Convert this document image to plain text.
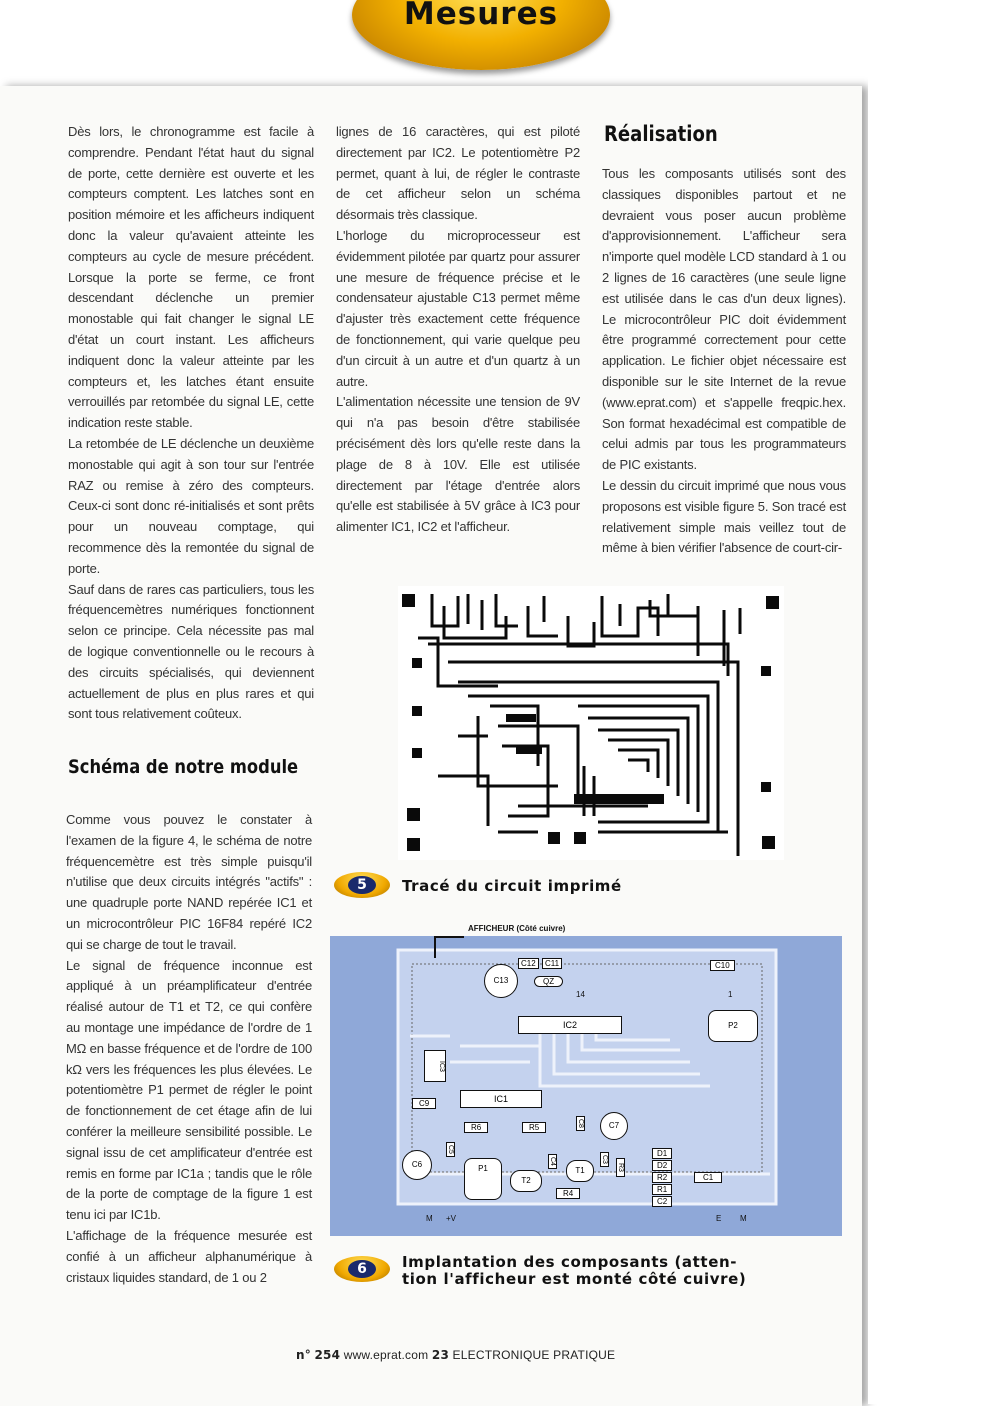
Mesures

Dès lors, le chronogramme est facile à comprendre. Pendant l'état haut du signal de porte, cette dernière est ouverte et les compteurs comptent. Les latches sont en position mémoire et les afficheurs indiquent donc la valeur qu'avaient atteinte les compteurs au cycle de mesure précédent. Lorsque la porte se ferme, ce front descendant déclenche un premier monostable qui fait changer le signal LE d'état un court instant. Les afficheurs indiquent donc la valeur atteinte par les compteurs et, les latches étant ensuite verrouillés par retombée du signal LE, cette indication reste stable.

La retombée de LE déclenche un deuxième monostable qui agit à son tour sur l'entrée RAZ ou remise à zéro des compteurs. Ceux-ci sont donc ré-initialisés et sont prêts pour un nouveau comptage, qui recommence dès la remontée du signal de porte.

Sauf dans de rares cas particuliers, tous les fréquencemètres numériques fonctionnent selon ce principe. Cela nécessite pas mal de logique conventionnelle ou le recours à des circuits spécialisés, qui deviennent actuellement de plus en plus rares et qui sont tous relativement coûteux.

Schéma de notre module

Comme vous pouvez le constater à l'examen de la figure 4, le schéma de notre fréquencemètre est très simple puisqu'il n'utilise que deux circuits intégrés "actifs" : une quadruple porte NAND repérée IC1 et un microcontrôleur PIC 16F84 repéré IC2 qui se charge de tout le travail.

Le signal de fréquence inconnue est appliqué à un préamplificateur d'entrée réalisé autour de T1 et T2, ce qui confère au montage une impédance de l'ordre de 1 MΩ en basse fréquence et de l'ordre de 100 kΩ vers les fréquences les plus élevées. Le potentiomètre P1 permet de régler le point de fonctionnement de cet étage afin de lui conférer la meilleure sensibilité possible. Le signal issu de cet amplificateur d'entrée est remis en forme par IC1a ; tandis que le rôle de la porte de comptage de la figure 1 est tenu ici par IC1b.

L'affichage de la fréquence mesurée est confié à un afficheur alphanumérique à cristaux liquides standard, de 1 ou 2

lignes de 16 caractères, qui est piloté directement par IC2. Le potentiomètre P2 permet, quant à lui, de régler le contraste de cet afficheur selon un schéma désormais très classique.

L'horloge du microprocesseur est évidemment pilotée par quartz pour assurer une mesure de fréquence précise et le condensateur ajustable C13 permet même d'ajuster très exactement cette fréquence de fonctionnement, qui varie quelque peu d'un circuit à un autre et d'un quartz à un autre.

L'alimentation nécessite une tension de 9V qui n'a pas besoin d'être stabilisée précisément dès lors qu'elle reste dans la plage de 8 à 10V. Elle est utilisée directement par l'étage d'entrée alors qu'elle est stabilisée à 5V grâce à IC3 pour alimenter IC1, IC2 et l'afficheur.

Réalisation

Tous les composants utilisés sont des classiques disponibles partout et ne devraient vous poser aucun problème d'approvisionnement. L'afficheur sera n'importe quel modèle LCD standard à 1 ou 2 lignes de 16 caractères (une seule ligne est utilisée dans le cas d'un deux lignes). Le microcontrôleur PIC doit évidemment être programmé correctement pour cette application. Le fichier objet nécessaire est disponible sur le site Internet de la revue (www.eprat.com) et s'appelle freqpic.hex. Son format hexadécimal est compatible de celui admis par tous les programmateurs de PIC existants.

Le dessin du circuit imprimé que nous vous proposons est visible figure 5. Son tracé est relativement simple mais veillez tout de même à bien vérifier l'absence de court-cir-

5	Tracé du circuit imprimé
AFFICHEUR (Côté cuivre)
C12	C11	C10
C13	QZ
14	1
IC2	P2
IC3
C9	IC1
R6	R5	C8	C7
C6
C5
P1
C4
T2
T1
C3
R3
R4
D1
D2
R2
R1
C2
C1
M +V	E M
6	Implantation des composants (atten-
tion l'afficheur est monté côté cuivre)
n° 254 www.eprat.com 23 ELECTRONIQUE PRATIQUE
